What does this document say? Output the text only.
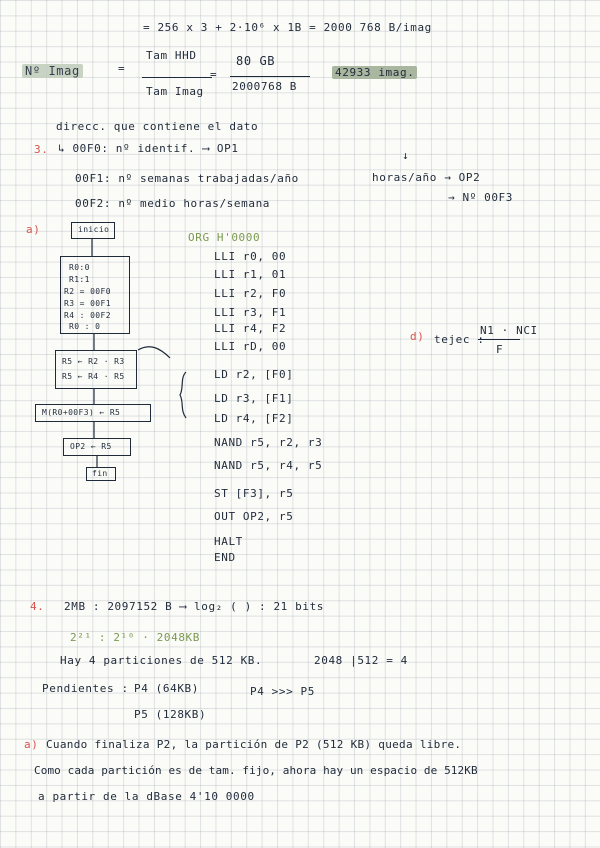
= 256 x 3 + 2·10⁶ x 1B = 2000 768 B/imag
Nº Imag	=
Tam HHD
Tam Imag
=
80 GB
2000768 B
42933 imag.
direcc. que contiene el dato
3. ↳ 00F0: nº identif. ⟶ OP1
00F1: nº semanas trabajadas/año
00F2: nº medio horas/semana
↓
horas/año → OP2
→ Nº 00F3
a)	inicio
R0:0
R1:1
R2 = 00F0
R3 = 00F1
R4 : 00F2
R0 : 0
R5 ← R2 · R3
R5 ← R4 · R5
M(R0+00F3) ← R5
OP2 ← R5
fin
ORG H'0000
LLI r0, 00
LLI r1, 01
LLI r2, F0
LLI r3, F1
LLI r4, F2
LLI rD, 00
LD r2, [F0]
LD r3, [F1]
LD r4, [F2]
NAND r5, r2, r3
NAND r5, r4, r5
ST [F3], r5
OUT OP2, r5
HALT
END
d) tejec :
N1 · NCI
F
4. 2MB : 2097152 B ⟶ log₂ ( ) : 21 bits
2²¹ : 2¹⁰ · 2048KB
Hay 4 particiones de 512 KB.	2048 |512 = 4
Pendientes : P4 (64KB)	P4 >>> P5
P5 (128KB)
a) Cuando finaliza P2, la partición de P2 (512 KB) queda libre.
Como cada partición es de tam. fijo, ahora hay un espacio de 512KB
a partir de la dBase 4'10 0000
